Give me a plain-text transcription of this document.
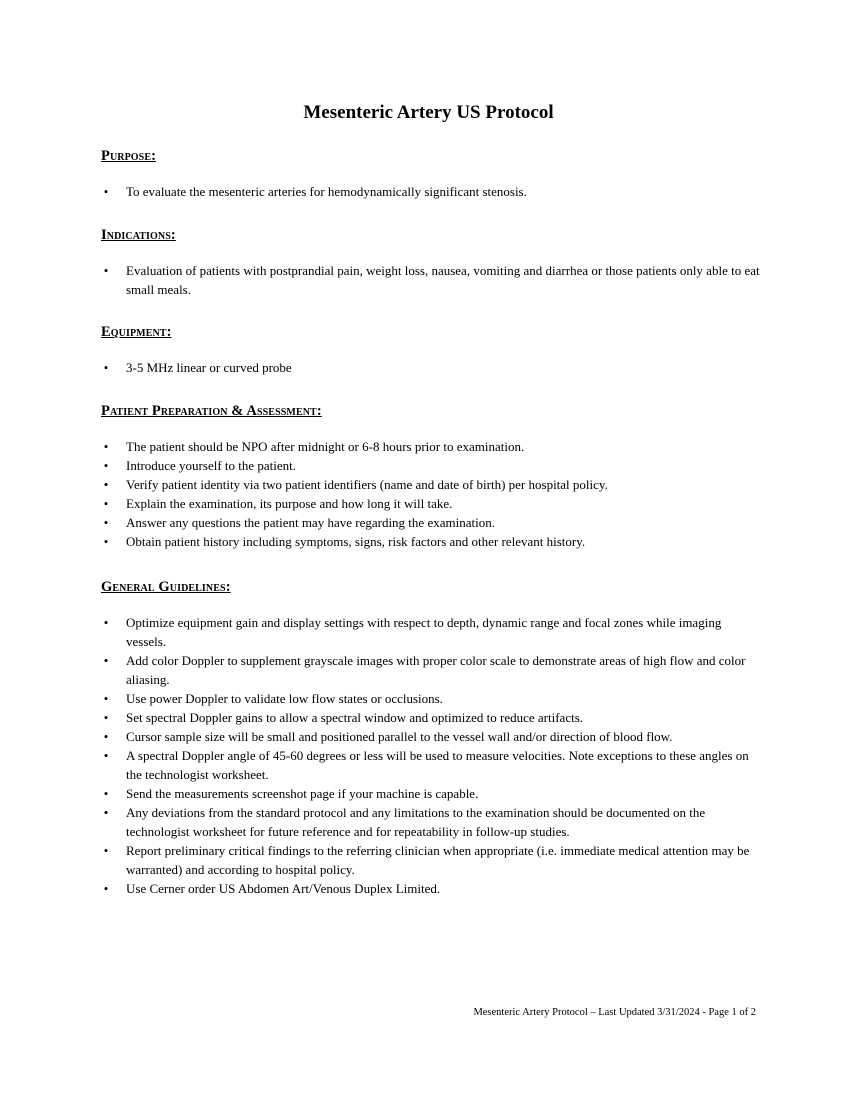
Mesenteric Artery US Protocol
Purpose:
• To evaluate the mesenteric arteries for hemodynamically significant stenosis.
Indications:
• Evaluation of patients with postprandial pain, weight loss, nausea, vomiting and diarrhea or those patients only able to eat small meals.
Equipment:
• 3-5 MHz linear or curved probe
Patient Preparation & Assessment:
• The patient should be NPO after midnight or 6-8 hours prior to examination.
• Introduce yourself to the patient.
• Verify patient identity via two patient identifiers (name and date of birth) per hospital policy.
• Explain the examination, its purpose and how long it will take.
• Answer any questions the patient may have regarding the examination.
• Obtain patient history including symptoms, signs, risk factors and other relevant history.
General Guidelines:
• Optimize equipment gain and display settings with respect to depth, dynamic range and focal zones while imaging vessels.
• Add color Doppler to supplement grayscale images with proper color scale to demonstrate areas of high flow and color aliasing.
• Use power Doppler to validate low flow states or occlusions.
• Set spectral Doppler gains to allow a spectral window and optimized to reduce artifacts.
• Cursor sample size will be small and positioned parallel to the vessel wall and/or direction of blood flow.
• A spectral Doppler angle of 45-60 degrees or less will be used to measure velocities. Note exceptions to these angles on the technologist worksheet.
• Send the measurements screenshot page if your machine is capable.
• Any deviations from the standard protocol and any limitations to the examination should be documented on the technologist worksheet for future reference and for repeatability in follow-up studies.
• Report preliminary critical findings to the referring clinician when appropriate (i.e. immediate medical attention may be warranted) and according to hospital policy.
• Use Cerner order US Abdomen Art/Venous Duplex Limited.
Mesenteric Artery Protocol – Last Updated 3/31/2024 - Page 1 of 2
